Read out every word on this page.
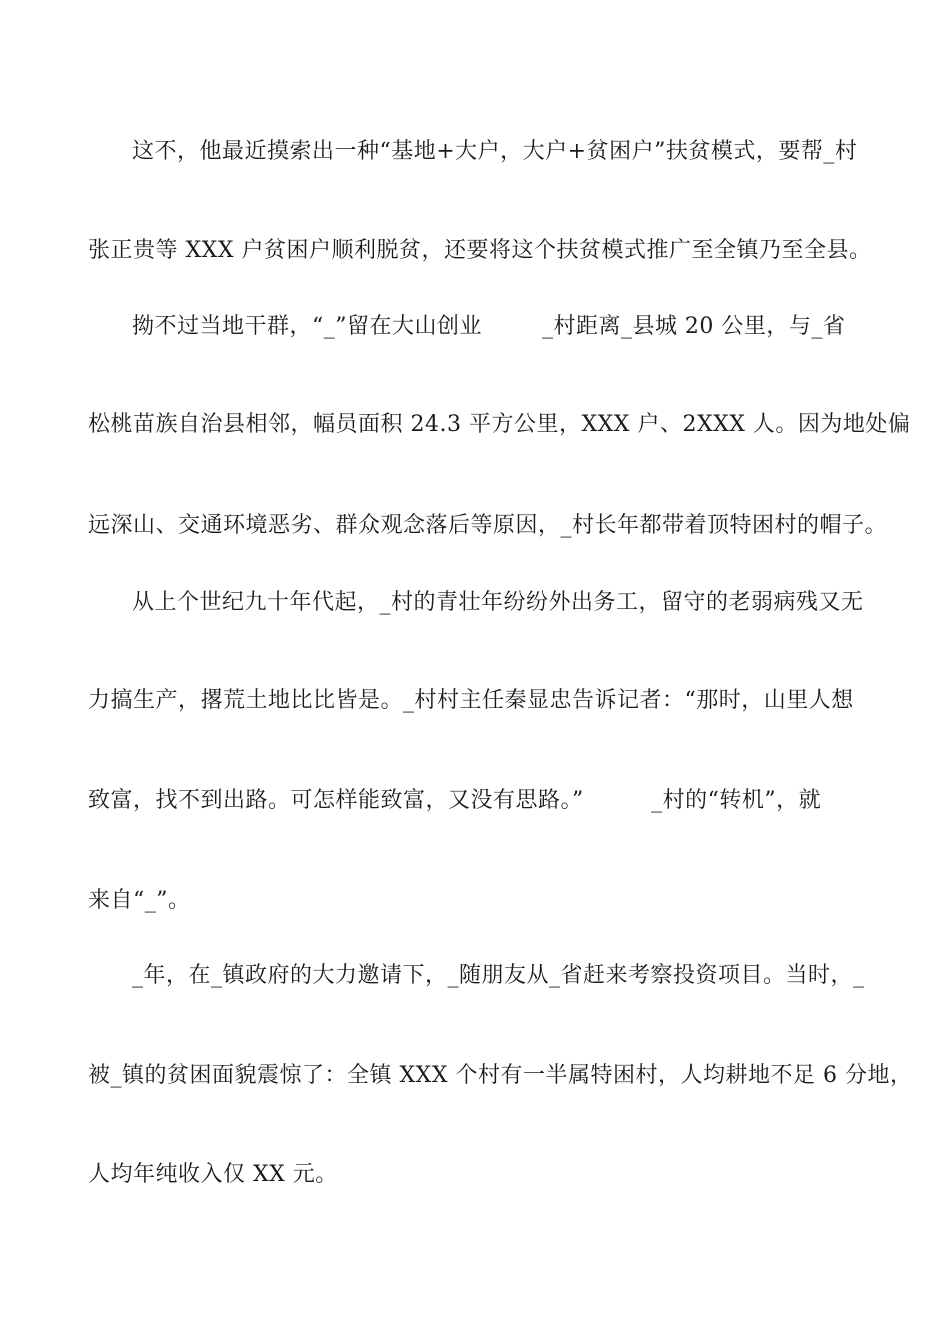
这不，他最近摸索出一种“基地+大户，大户+贫困户”扶贫模式，要帮_村
张正贵等 XXX 户贫困户顺利脱贫，还要将这个扶贫模式推广至全镇乃至全县。
拗不过当地干群，“_”留在大山创业        _村距离_县城 20 公里，与_省
松桃苗族自治县相邻，幅员面积 24.3 平方公里，XXX 户、2XXX 人。因为地处偏
远深山、交通环境恶劣、群众观念落后等原因，_村长年都带着顶特困村的帽子。
从上个世纪九十年代起，_村的青壮年纷纷外出务工，留守的老弱病残又无
力搞生产，撂荒土地比比皆是。_村村主任秦显忠告诉记者：“那时，山里人想
致富，找不到出路。可怎样能致富，又没有思路。”         _村的“转机”，就
来自“_”。
_年，在_镇政府的大力邀请下，_随朋友从_省赶来考察投资项目。当时，_
被_镇的贫困面貌震惊了：全镇 XXX 个村有一半属特困村，人均耕地不足 6 分地，
人均年纯收入仅 XX 元。
